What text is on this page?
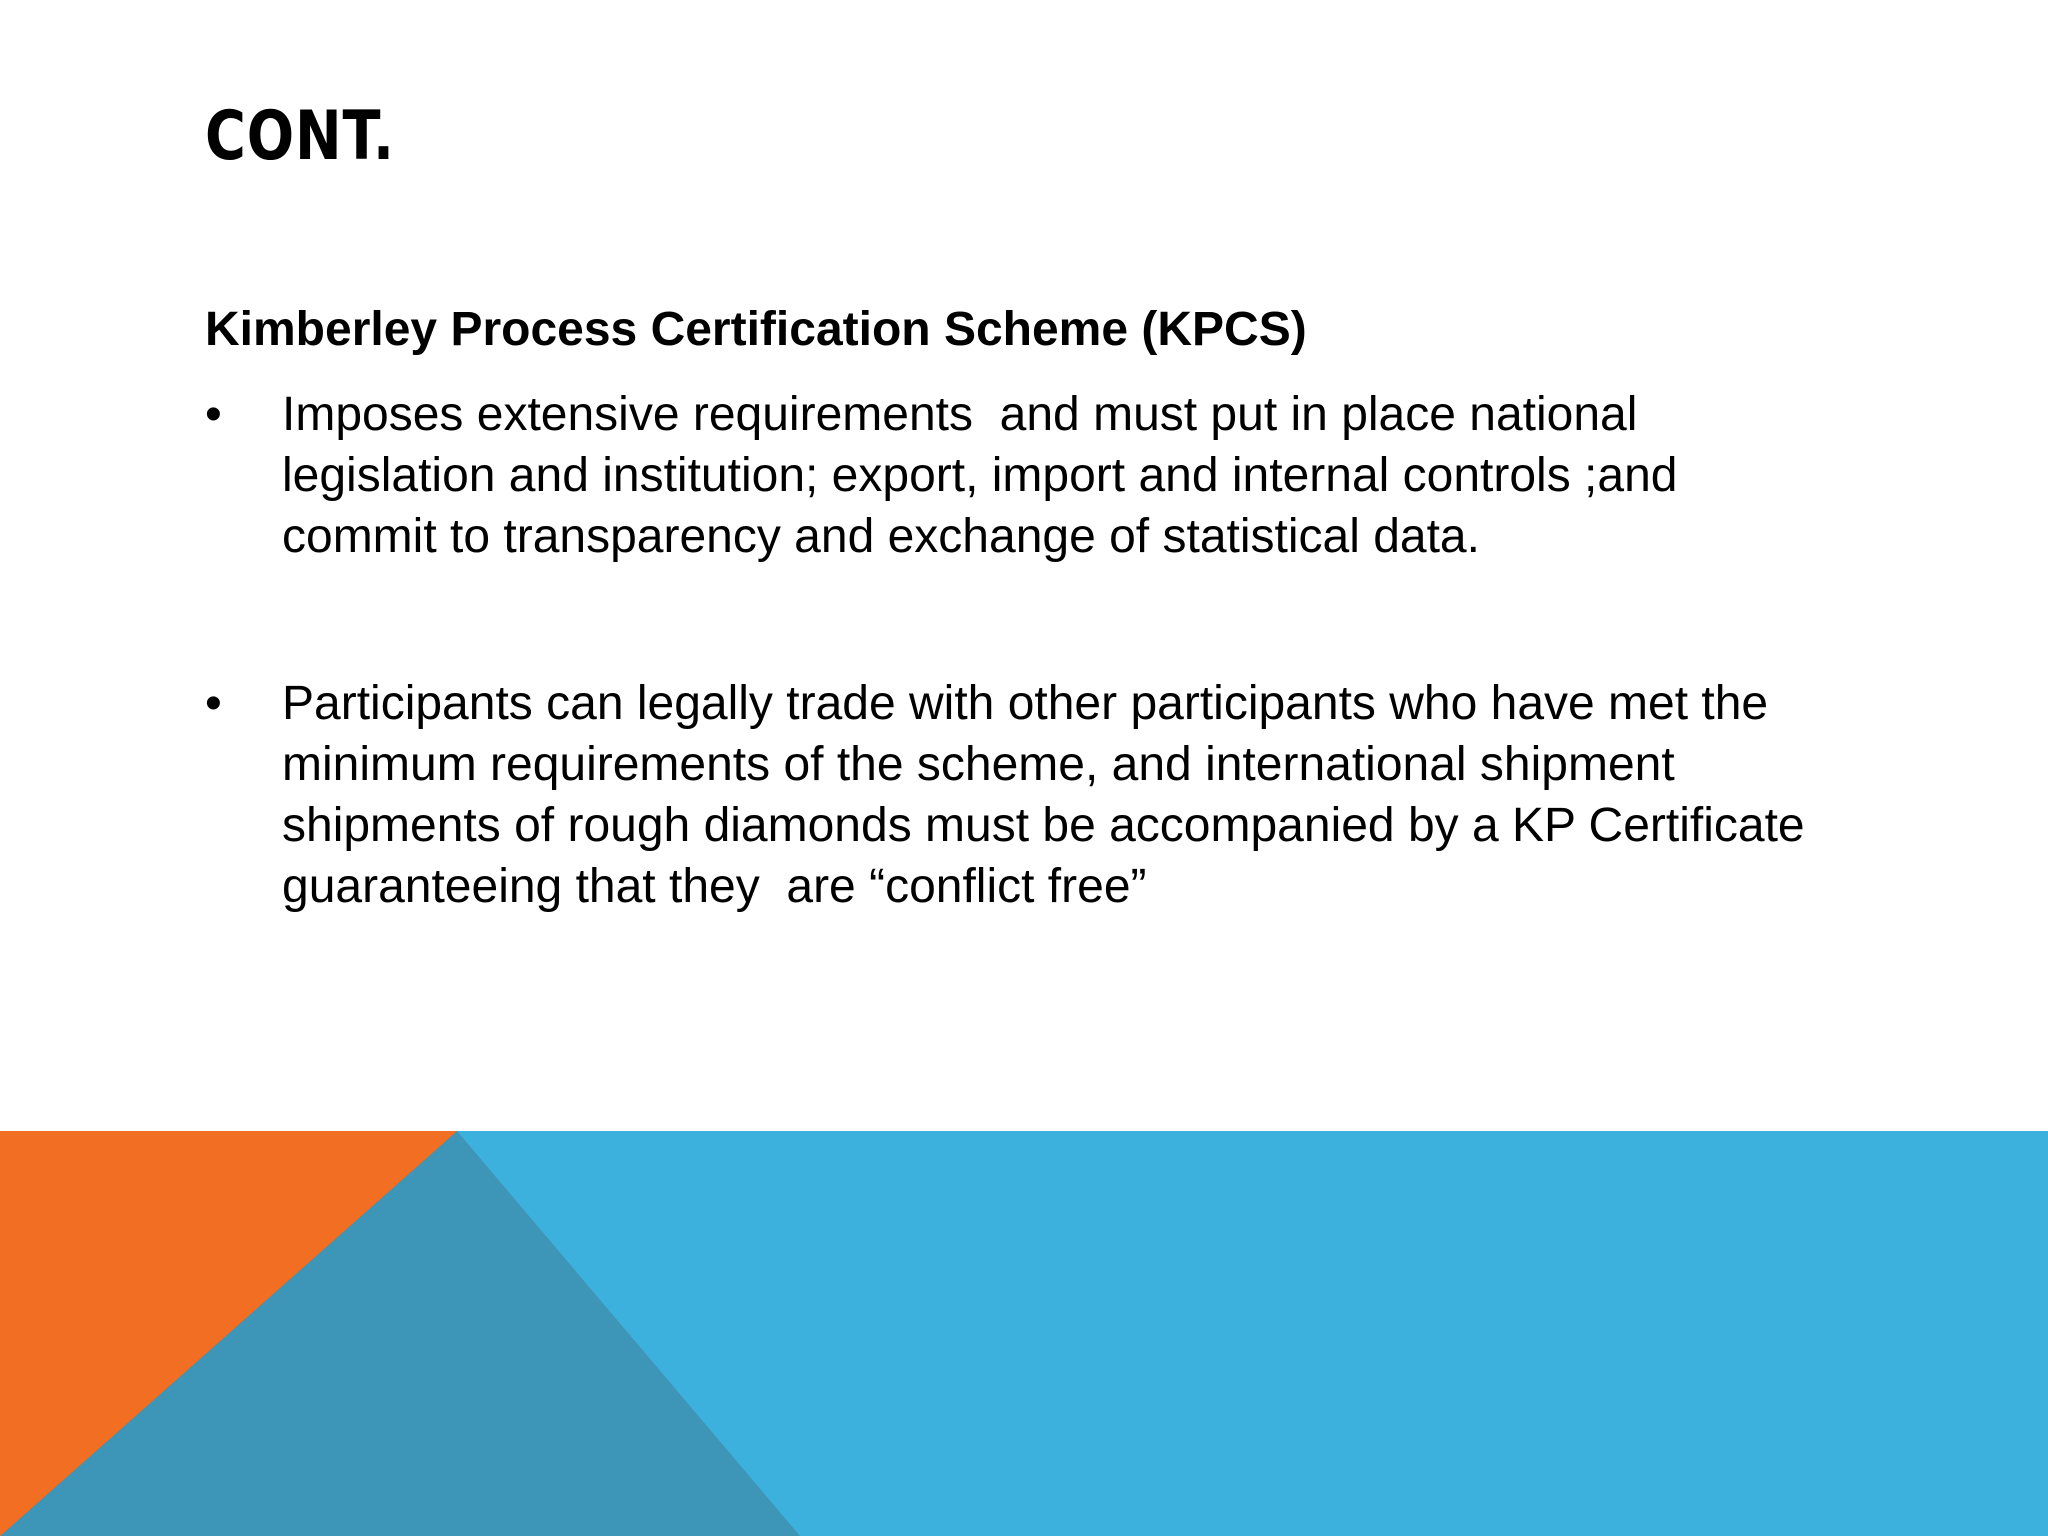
CONT.

Kimberley Process Certification Scheme (KPCS)

•	Imposes extensive requirements  and must put in place national legislation and institution; export, import and internal controls ;and commit to transparency and exchange of statistical data.
•	Participants can legally trade with other participants who have met the minimum requirements of the scheme, and international shipment shipments of rough diamonds must be accompanied by a KP Certificate guaranteeing that they  are “conflict free”
